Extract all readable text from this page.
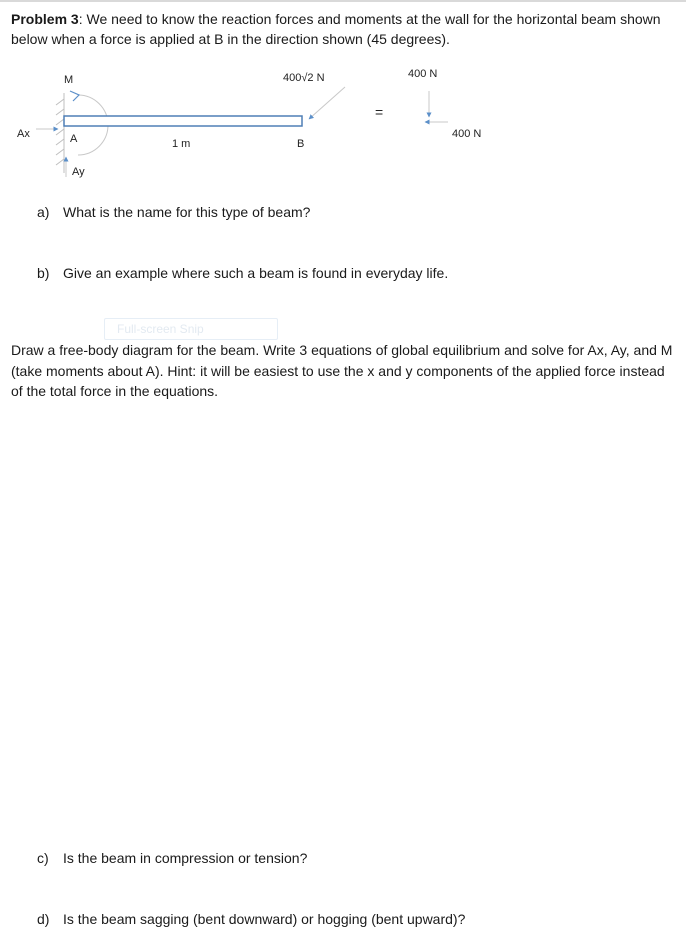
Problem 3: We need to know the reaction forces and moments at the wall for the horizontal beam shown below when a force is applied at B in the direction shown (45 degrees).
M	400√2 N
=
400 N
400 N
Ax	A	1 m	B
Ay
a) What is the name for this type of beam?
b) Give an example where such a beam is found in everyday life.
Full-screen Snip
Draw a free-body diagram for the beam. Write 3 equations of global equilibrium and solve for Ax, Ay, and M (take moments about A). Hint: it will be easiest to use the x and y components of the applied force instead of the total force in the equations.
c) Is the beam in compression or tension?
d) Is the beam sagging (bent downward) or hogging (bent upward)?
